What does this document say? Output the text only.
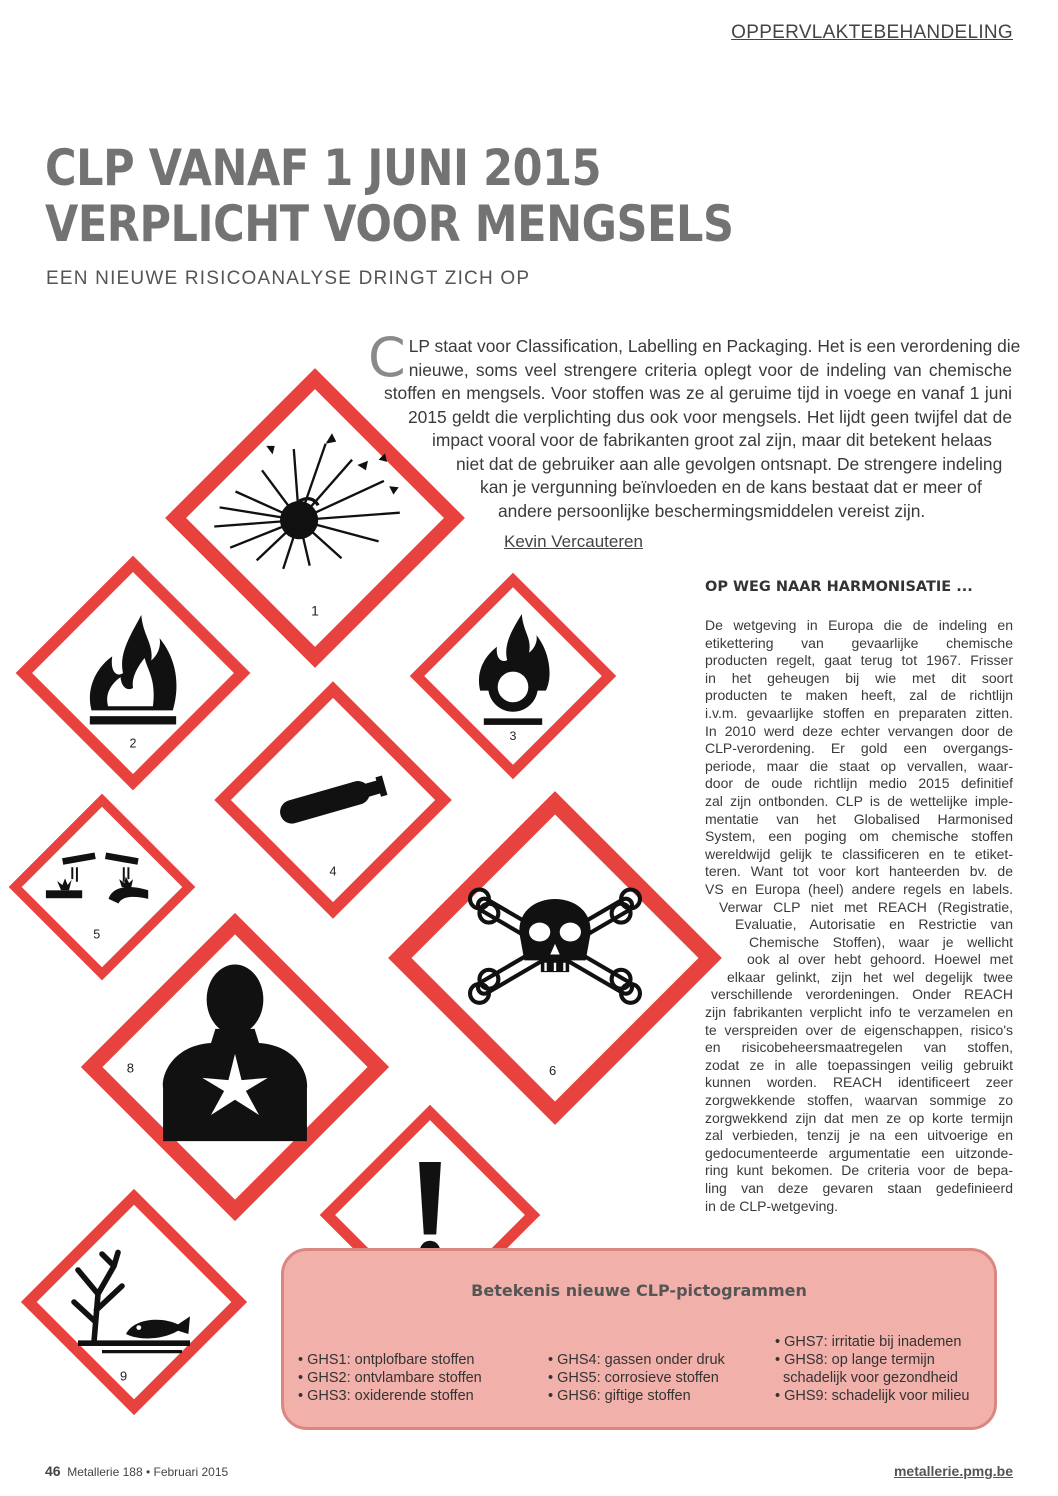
OPPERVLAKTEBEHANDELING
CLP VANAF 1 JUNI 2015
VERPLICHT VOOR MENGSELS
EEN NIEUWE RISICOANALYSE DRINGT ZICH OP
1
2
3
4
5
6
8
9
C LP staat voor Classification, Labelling en Packaging. Het is een verordening die
nieuwe, soms veel strengere criteria oplegt voor de indeling van chemische
stoffen en mengsels. Voor stoffen was ze al geruime tijd in voege en vanaf 1 juni
2015 geldt die verplichting dus ook voor mengsels. Het lijdt geen twijfel dat de
impact vooral voor de fabrikanten groot zal zijn, maar dit betekent helaas
niet dat de gebruiker aan alle gevolgen ontsnapt. De strengere indeling
kan je vergunning beïnvloeden en de kans bestaat dat er meer of
andere persoonlijke beschermingsmiddelen vereist zijn.
Kevin Vercauteren
OP WEG NAAR HARMONISATIE ...
De wetgeving in Europa die de indeling en
etikettering van gevaarlijke chemische
producten regelt, gaat terug tot 1967. Frisser
in het geheugen bij wie met dit soort
producten te maken heeft, zal de richtlijn
i.v.m. gevaarlijke stoffen en preparaten zitten.
In 2010 werd deze echter vervangen door de
CLP-verordening. Er gold een overgangs-
periode, maar die staat op vervallen, waar-
door de oude richtlijn medio 2015 definitief
zal zijn ontbonden. CLP is de wettelijke imple-
mentatie van het Globalised Harmonised
System, een poging om chemische stoffen
wereldwijd gelijk te classificeren en te etiket-
teren. Want tot voor kort hanteerden bv. de
VS en Europa (heel) andere regels en labels.
Verwar CLP niet met REACH (Registratie,
Evaluatie, Autorisatie en Restrictie van
Chemische Stoffen), waar je wellicht
ook al over hebt gehoord. Hoewel met
elkaar gelinkt, zijn het wel degelijk twee
verschillende verordeningen. Onder REACH
zijn fabrikanten verplicht info te verzamelen en
te verspreiden over de eigenschappen, risico's
en risicobeheersmaatregelen van stoffen,
zodat ze in alle toepassingen veilig gebruikt
kunnen worden. REACH identificeert zeer
zorgwekkende stoffen, waarvan sommige zo
zorgwekkend zijn dat men ze op korte termijn
zal verbieden, tenzij je na een uitvoerige en
gedocumenteerde argumentatie een uitzonde-
ring kunt bekomen. De criteria voor de bepa-
ling van deze gevaren staan gedefinieerd
in de CLP-wetgeving.
Betekenis nieuwe CLP-pictogrammen
• GHS1: ontplofbare stoffen
• GHS2: ontvlambare stoffen
• GHS3: oxiderende stoffen
• GHS4: gassen onder druk
• GHS5: corrosieve stoffen
• GHS6: giftige stoffen
• GHS7: irritatie bij inademen
• GHS8: op lange termijn
schadelijk voor gezondheid
• GHS9: schadelijk voor milieu
46 Metallerie 188 • Februari 2015	metallerie.pmg.be
